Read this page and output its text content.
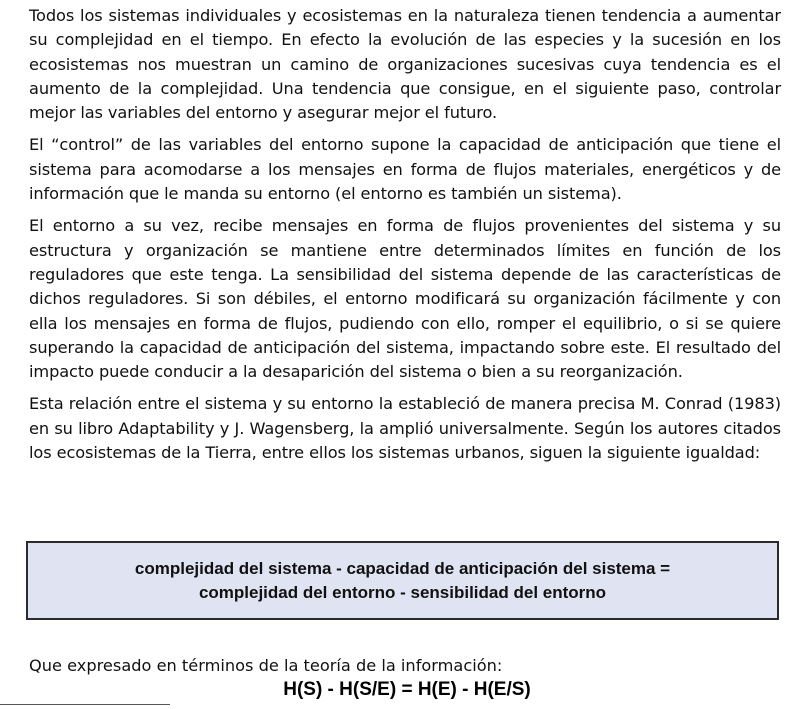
Todos los sistemas individuales y ecosistemas en la naturaleza tienen tendencia a aumentar su complejidad en el tiempo. En efecto la evolución de las especies y la sucesión en los ecosistemas nos muestran un camino de organizaciones sucesivas cuya tendencia es el aumento de la complejidad. Una tendencia que consigue, en el siguiente paso, controlar mejor las variables del entorno y asegurar mejor el futuro.

El “control” de las variables del entorno supone la capacidad de anticipación que tiene el sistema para acomodarse a los mensajes en forma de flujos materiales, energéticos y de información que le manda su entorno (el entorno es también un sistema).

El entorno a su vez, recibe mensajes en forma de flujos provenientes del sistema y su estructura y organización se mantiene entre determinados límites en función de los reguladores que este tenga. La sensibilidad del sistema depende de las características de dichos reguladores. Si son débiles, el entorno modificará su organización fácilmente y con ella los mensajes en forma de flujos, pudiendo con ello, romper el equilibrio, o si se quiere superando la capacidad de anticipación del sistema, impactando sobre este. El resultado del impacto puede conducir a la desaparición del sistema o bien a su reorganización.

Esta relación entre el sistema y su entorno la estableció de manera precisa M. Conrad (1983) en su libro Adaptability y J. Wagensberg, la amplió universalmente. Según los autores citados los ecosistemas de la Tierra, entre ellos los sistemas urbanos, siguen la siguiente igualdad:

complejidad del sistema - capacidad de anticipación del sistema =
complejidad del entorno - sensibilidad del entorno
Que expresado en términos de la teoría de la información:
H(S) - H(S/E) = H(E) - H(E/S)
